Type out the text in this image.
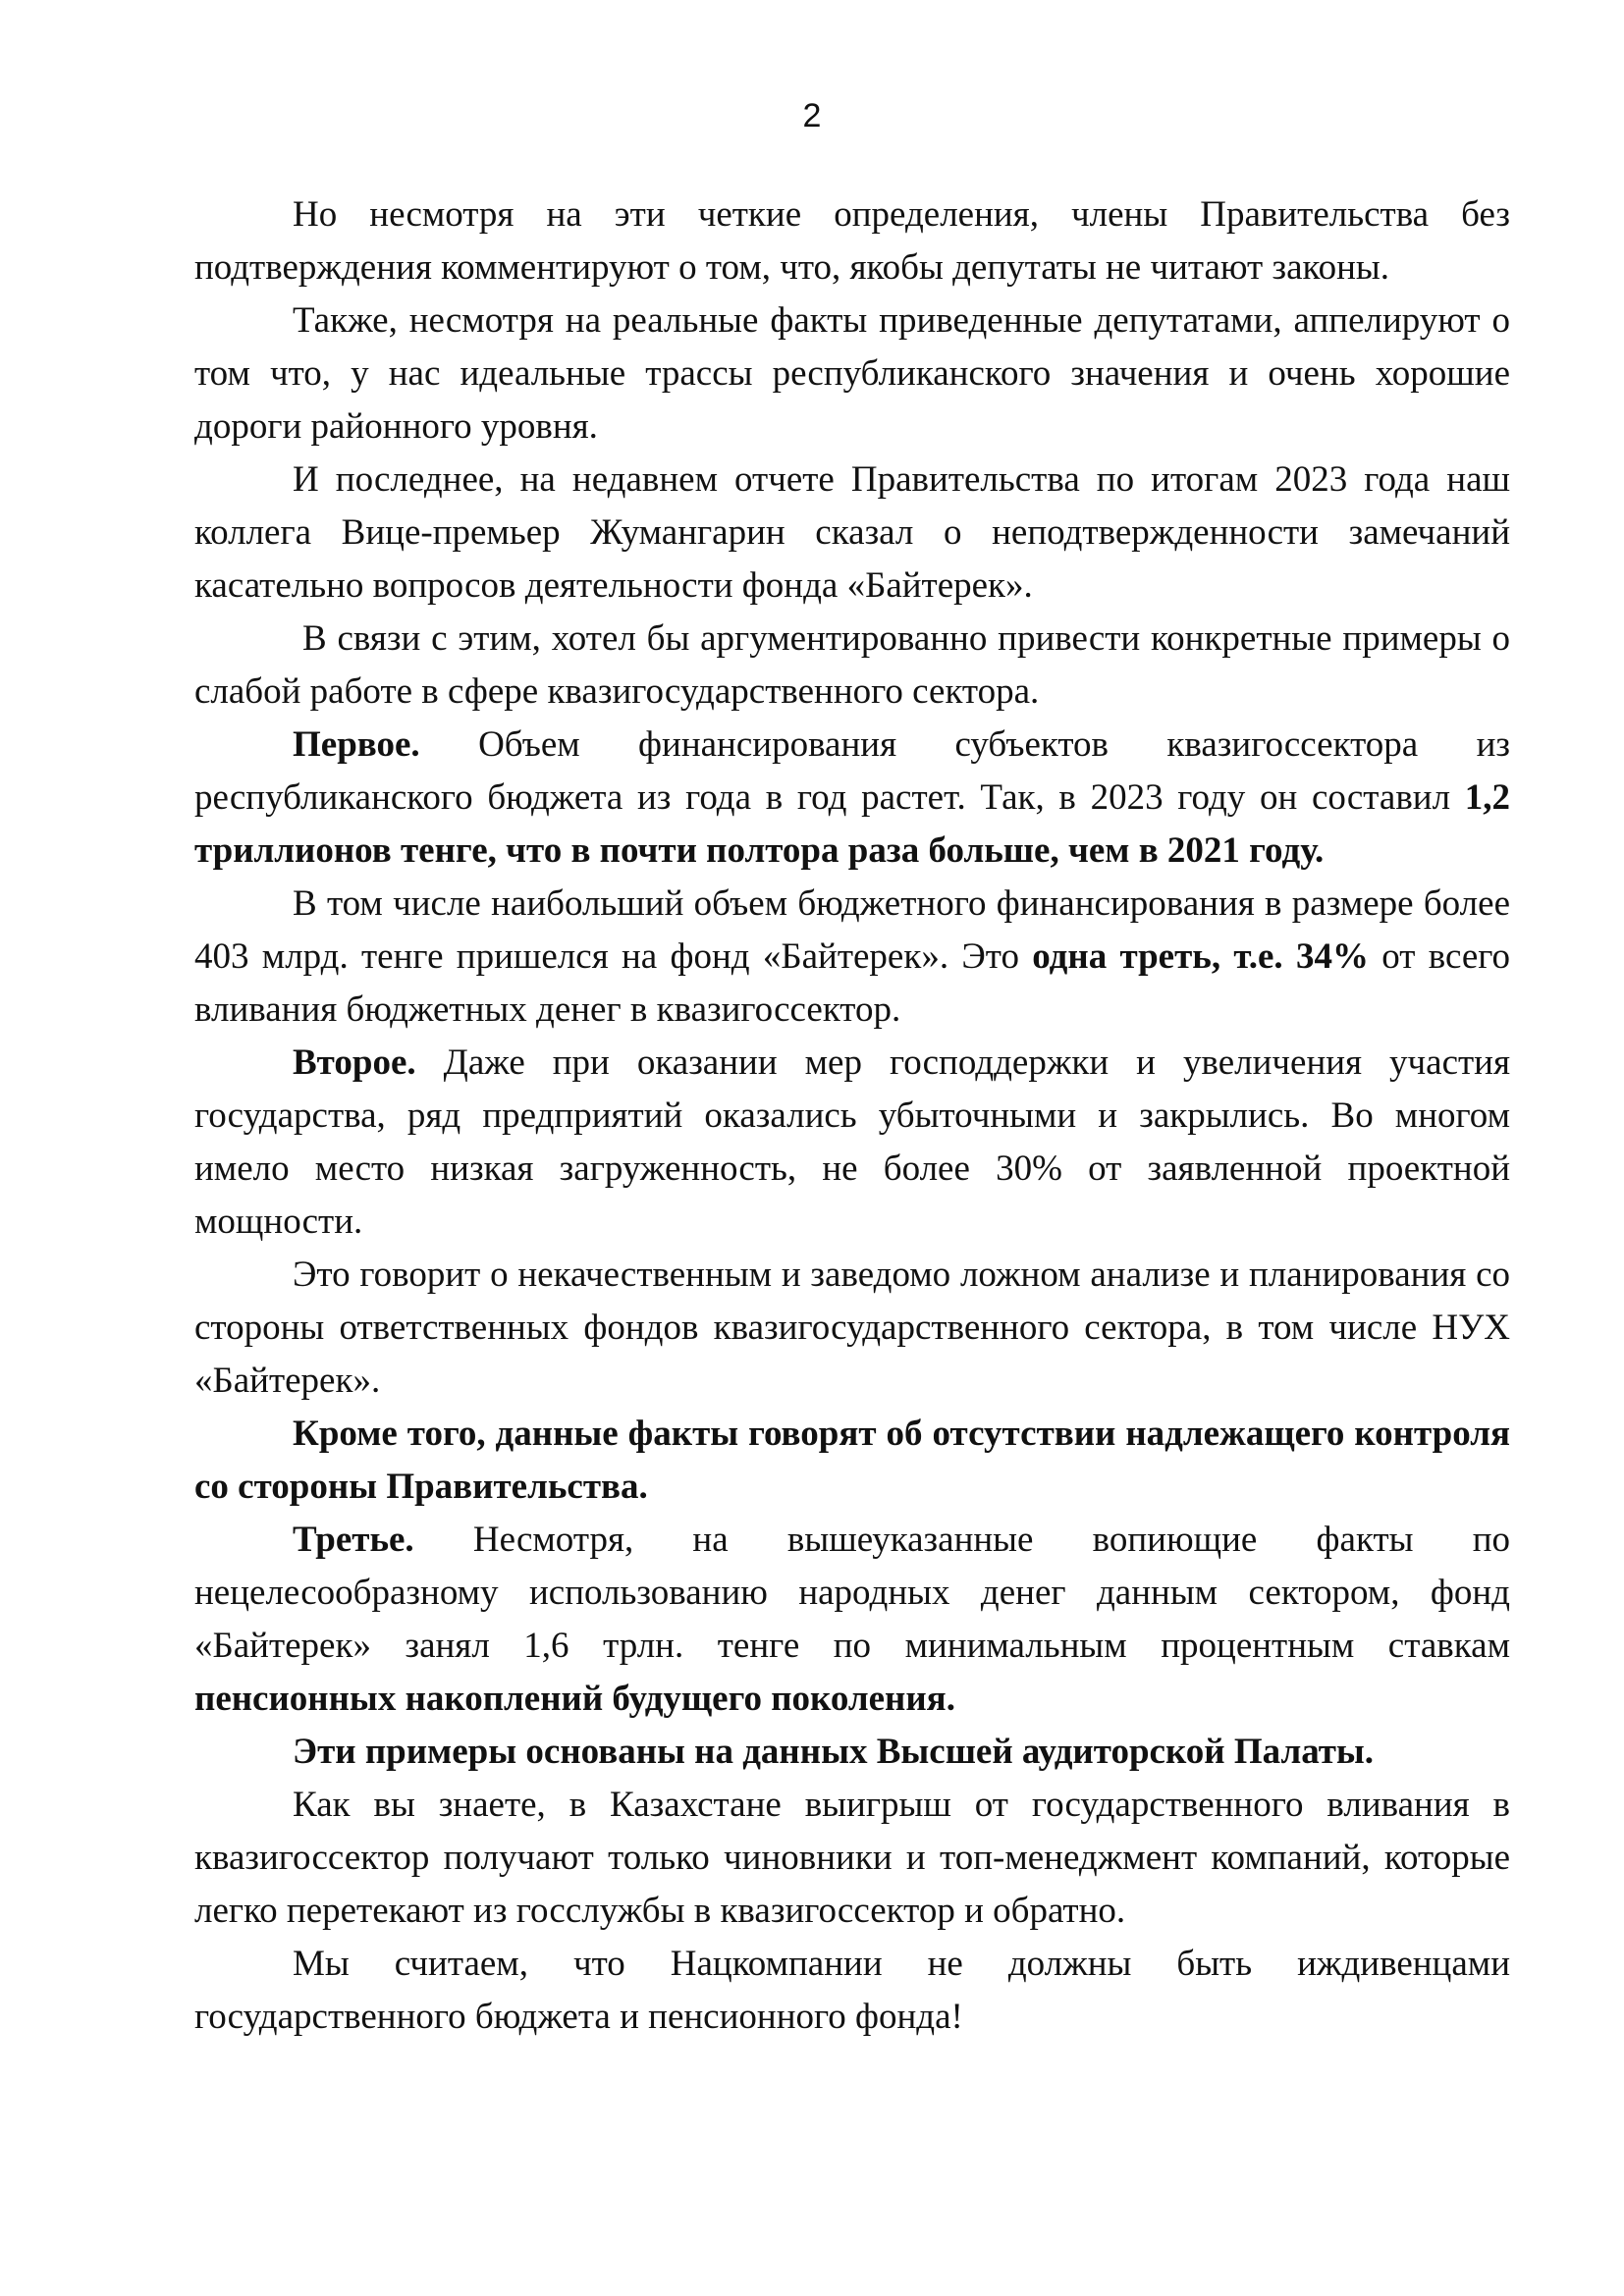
2

Но несмотря на эти четкие определения, члены Правительства без подтверждения комментируют о том, что, якобы депутаты не читают законы.

Также, несмотря на реальные факты приведенные депутатами, аппелируют о том что, у нас идеальные трассы республиканского значения и очень хорошие дороги районного уровня.

И последнее, на недавнем отчете Правительства по итогам 2023 года наш коллега Вице-премьер Жумангарин сказал о неподтвержденности замечаний касательно вопросов деятельности фонда «Байтерек».

В связи с этим, хотел бы аргументированно привести конкретные примеры о слабой работе в сфере квазигосударственного сектора.

Первое. Объем финансирования субъектов квазигоссектора из республиканского бюджета из года в год растет. Так, в 2023 году он составил 1,2 триллионов тенге, что в почти полтора раза больше, чем в 2021 году.

В том числе наибольший объем бюджетного финансирования в размере более 403 млрд. тенге пришелся на фонд «Байтерек». Это одна треть, т.е. 34% от всего вливания бюджетных денег в квазигоссектор.

Второе. Даже при оказании мер господдержки и увеличения участия государства, ряд предприятий оказались убыточными и закрылись. Во многом имело место низкая загруженность, не более 30% от заявленной проектной мощности.

Это говорит о некачественным и заведомо ложном анализе и планирования со стороны ответственных фондов квазигосударственного сектора, в том числе НУХ «Байтерек».

Кроме того, данные факты говорят об отсутствии надлежащего контроля со стороны Правительства.

Третье. Несмотря, на вышеуказанные вопиющие факты по нецелесообразному использованию народных денег данным сектором, фонд «Байтерек» занял 1,6 трлн. тенге по минимальным процентным ставкам пенсионных накоплений будущего поколения.

Эти примеры основаны на данных Высшей аудиторской Палаты.

Как вы знаете, в Казахстане выигрыш от государственного вливания в квазигоссектор получают только чиновники и топ-менеджмент компаний, которые легко перетекают из госслужбы в квазигоссектор и обратно.

Мы считаем, что Нацкомпании не должны быть иждивенцами государственного бюджета и пенсионного фонда!
